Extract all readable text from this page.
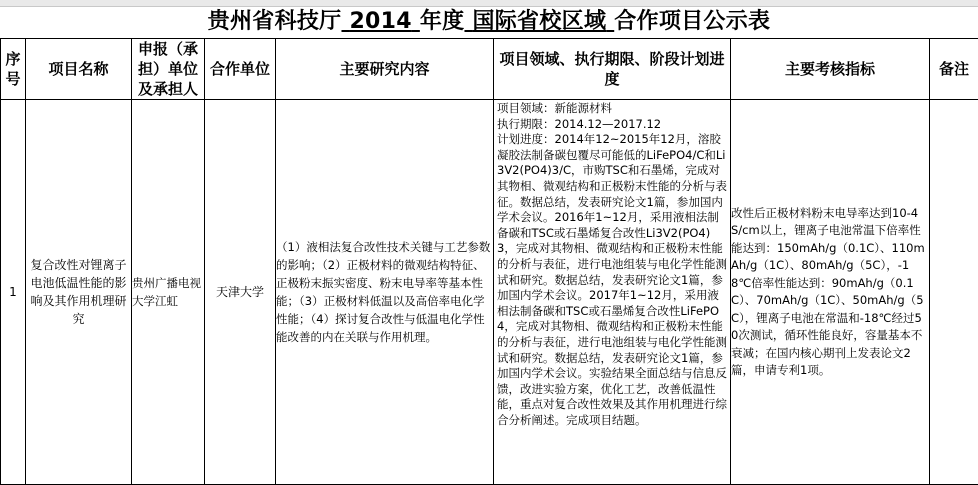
贵州省科技厅 2014 年度 国际省校区域 合作项目公示表
序号	项目名称	申报（承担）单位及承担人	合作单位	主要研究内容	项目领域、执行期限、阶段计划进度	主要考核指标	备注
1	复合改性对锂离子电池低温性能的影响及其作用机理研究	贵州广播电视大学江虹	天津大学	（1）液相法复合改性技术关键与工艺参数的影响；（2）正极材料的微观结构特征、正极粉末振实密度、粉末电导率等基本性能；（3）正极材料低温以及高倍率电化学性能；（4）探讨复合改性与低温电化学性能改善的内在关联与作用机理。	项目领域：新能源材料
执行期限：2014.12—2017.12
计划进度：2014年12~2015年12月，溶胶凝胶法制备碳包覆尽可能低的LiFePO4/C和Li3V2(PO4)3/C，市购TSC和石墨烯，完成对其物相、微观结构和正极粉末性能的分析与表征。数据总结，发表研究论文1篇，参加国内学术会议。2016年1~12月，采用液相法制备碳和TSC或石墨烯复合改性Li3V2(PO4)3，完成对其物相、微观结构和正极粉末性能的分析与表征，进行电池组装与电化学性能测试和研究。数据总结，发表研究论文1篇，参加国内学术会议。2017年1~12月，采用液相法制备碳和TSC或石墨烯复合改性LiFePO4，完成对其物相、微观结构和正极粉末性能的分析与表征，进行电池组装与电化学性能测试和研究。数据总结，发表研究论文1篇，参加国内学术会议。实验结果全面总结与信息反馈，改进实验方案，优化工艺，改善低温性能，重点对复合改性效果及其作用机理进行综合分析阐述。完成项目结题。	改性后正极材料粉末电导率达到10-4S/cm以上，锂离子电池常温下倍率性能达到：150mAh/g（0.1C）、110mAh/g（1C）、80mAh/g（5C），-18℃倍率性能达到：90mAh/g（0.1C）、70mAh/g（1C）、50mAh/g（5C），锂离子电池在常温和-18℃经过50次测试，循环性能良好，容量基本不衰减；在国内核心期刊上发表论文2篇，申请专利1项。	
